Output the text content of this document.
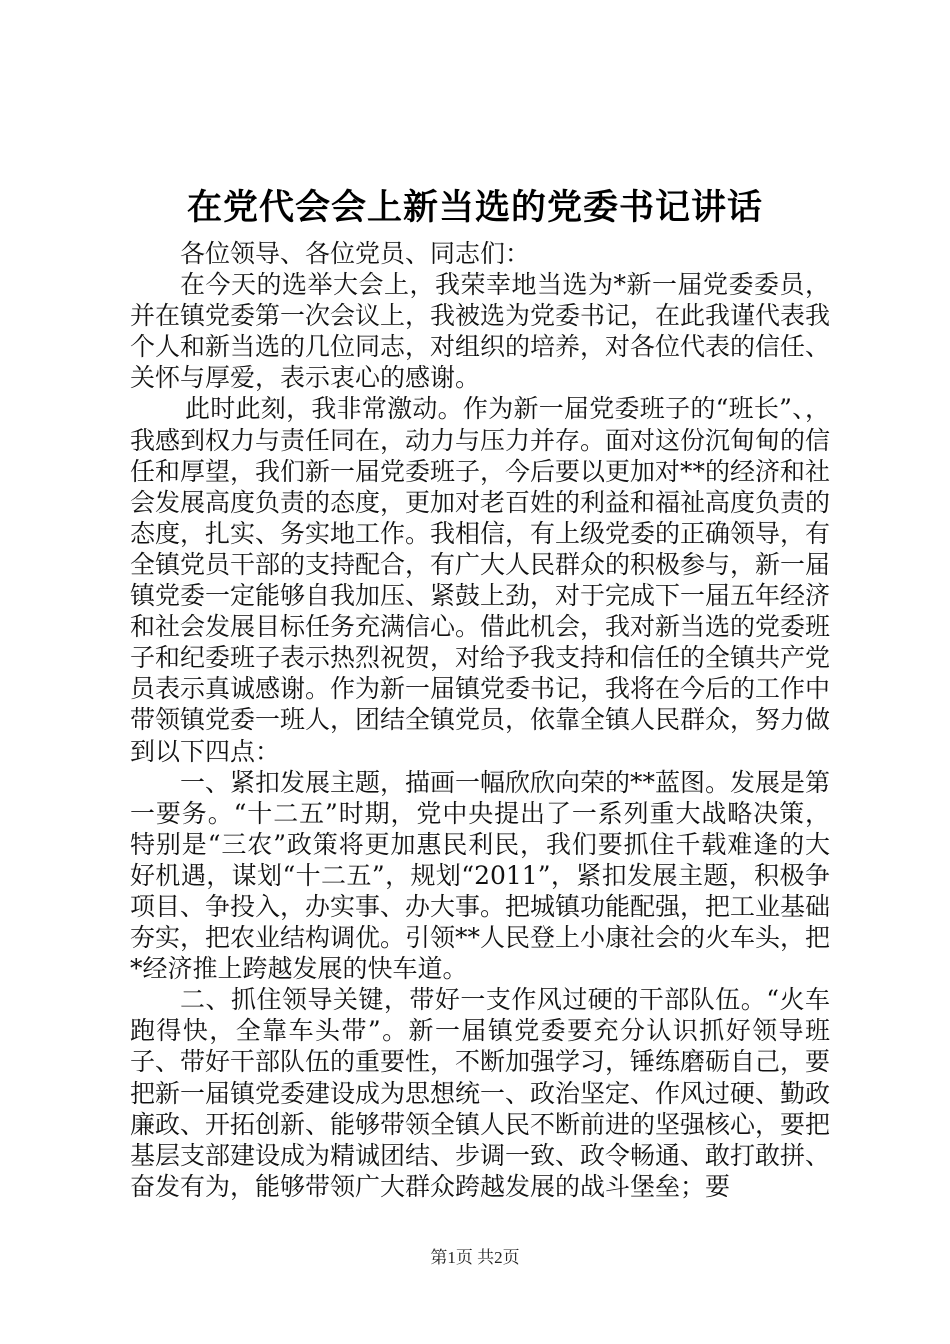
在党代会会上新当选的党委书记讲话

各位领导、各位党员、同志们：

在今天的选举大会上，我荣幸地当选为*新一届党委委员，并在镇党委第一次会议上，我被选为党委书记，在此我谨代表我个人和新当选的几位同志，对组织的培养，对各位代表的信任、关怀与厚爱，表示衷心的感谢。

此时此刻，我非常激动。作为新一届党委班子的“班长”、，我感到权力与责任同在，动力与压力并存。面对这份沉甸甸的信任和厚望，我们新一届党委班子，今后要以更加对**的经济和社会发展高度负责的态度，更加对老百姓的利益和福祉高度负责的态度，扎实、务实地工作。我相信，有上级党委的正确领导，有全镇党员干部的支持配合，有广大人民群众的积极参与，新一届镇党委一定能够自我加压、紧鼓上劲，对于完成下一届五年经济和社会发展目标任务充满信心。借此机会，我对新当选的党委班子和纪委班子表示热烈祝贺，对给予我支持和信任的全镇共产党员表示真诚感谢。作为新一届镇党委书记，我将在今后的工作中带领镇党委一班人，团结全镇党员，依靠全镇人民群众，努力做到以下四点：

一、紧扣发展主题，描画一幅欣欣向荣的**蓝图。发展是第一要务。“十二五”时期，党中央提出了一系列重大战略决策，特别是“三农”政策将更加惠民利民，我们要抓住千载难逢的大好机遇，谋划“十二五”，规划“2011”，紧扣发展主题，积极争项目、争投入，办实事、办大事。把城镇功能配强，把工业基础夯实，把农业结构调优。引领**人民登上小康社会的火车头，把*经济推上跨越发展的快车道。

二、抓住领导关键，带好一支作风过硬的干部队伍。“火车跑得快，全靠车头带”。新一届镇党委要充分认识抓好领导班子、带好干部队伍的重要性，不断加强学习，锤练磨砺自己，要把新一届镇党委建设成为思想统一、政治坚定、作风过硬、勤政廉政、开拓创新、能够带领全镇人民不断前进的坚强核心，要把基层支部建设成为精诚团结、步调一致、政令畅通、敢打敢拼、奋发有为，能够带领广大群众跨越发展的战斗堡垒；要

第1页 共2页
